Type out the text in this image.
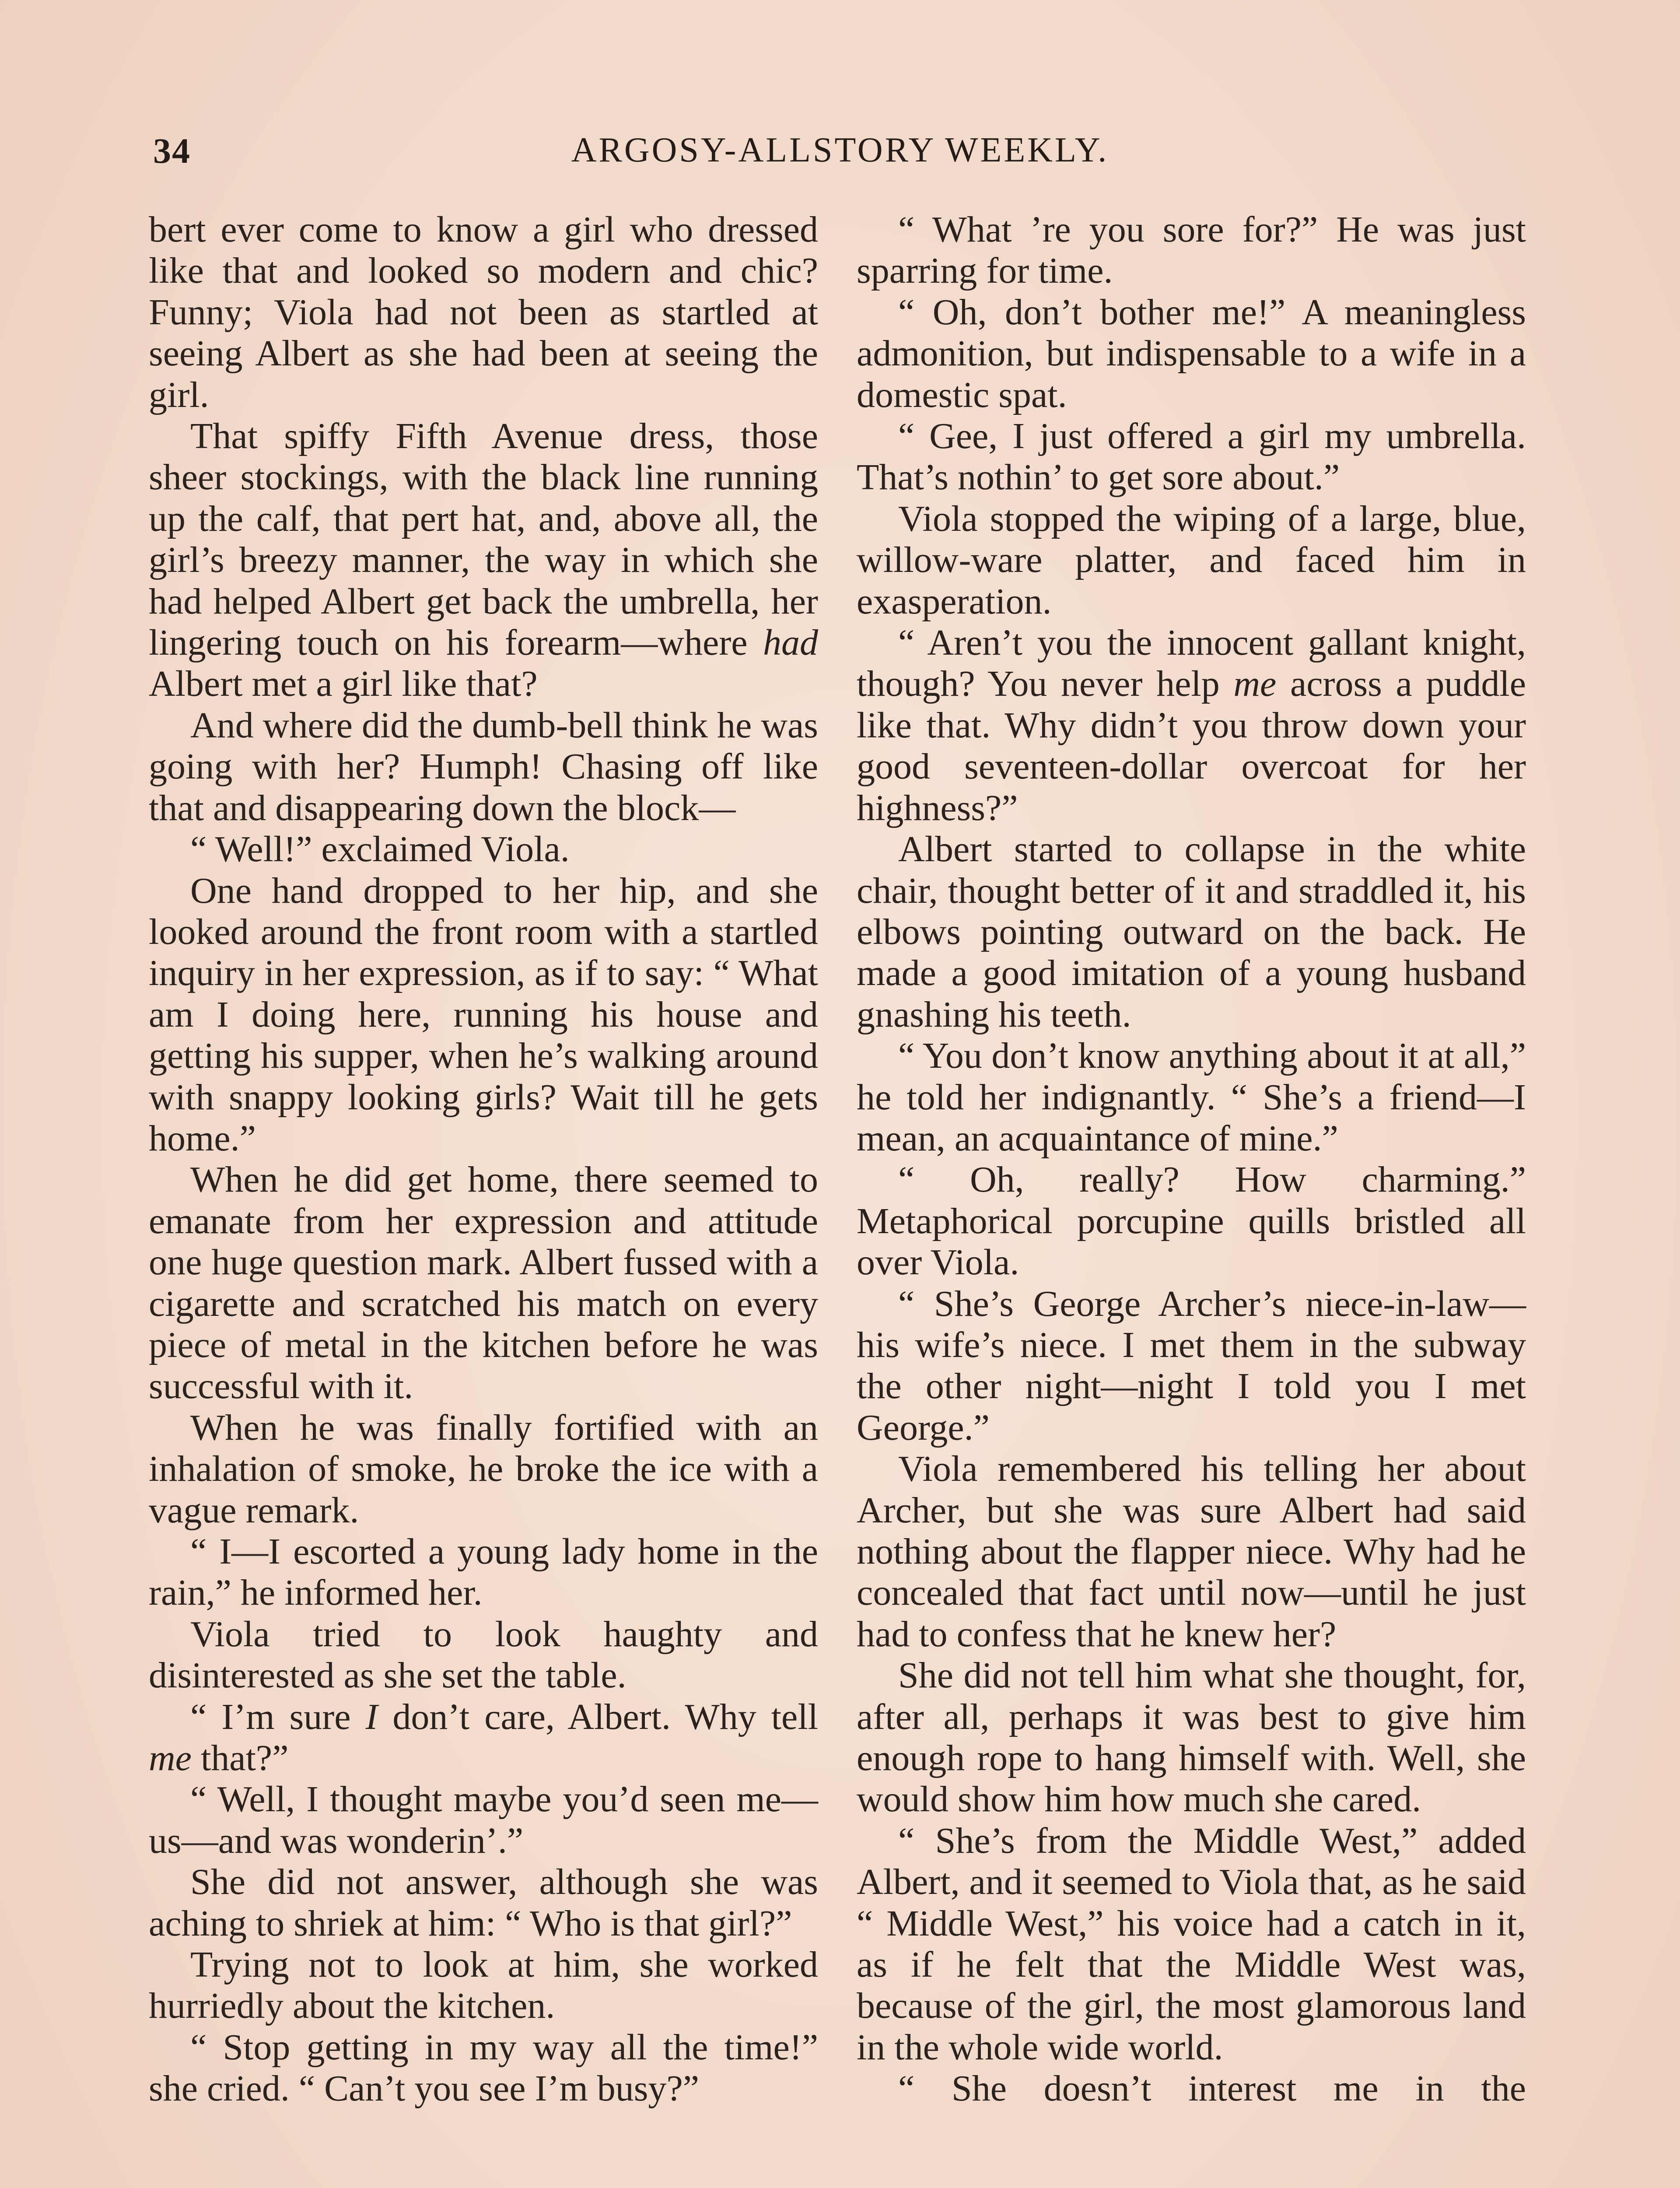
34	ARGOSY-ALLSTORY WEEKLY.

bert ever come to know a girl who dressed like that and looked so modern and chic? Funny; Viola had not been as startled at seeing Albert as she had been at seeing the girl.

That spiffy Fifth Avenue dress, those sheer stockings, with the black line running up the calf, that pert hat, and, above all, the girl’s breezy manner, the way in which she had helped Albert get back the umbrella, her lingering touch on his forearm—where had Albert met a girl like that?

And where did the dumb-bell think he was going with her? Humph! Chasing off like that and disappearing down the block—

“ Well!” exclaimed Viola.

One hand dropped to her hip, and she looked around the front room with a startled inquiry in her expression, as if to say: “ What am I doing here, running his house and getting his supper, when he’s walking around with snappy looking girls? Wait till he gets home.”

When he did get home, there seemed to emanate from her expression and attitude one huge question mark. Albert fussed with a cigarette and scratched his match on every piece of metal in the kitchen before he was successful with it.

When he was finally fortified with an inhalation of smoke, he broke the ice with a vague remark.

“ I—I escorted a young lady home in the rain,” he informed her.

Viola tried to look haughty and disinterested as she set the table.

“ I’m sure I don’t care, Albert. Why tell me that?”

“ Well, I thought maybe you’d seen me—us—and was wonderin’.”

She did not answer, although she was aching to shriek at him: “ Who is that girl?”

Trying not to look at him, she worked hurriedly about the kitchen.

“ Stop getting in my way all the time!” she cried. “ Can’t you see I’m busy?”

“ What ’re you sore for?” He was just sparring for time.

“ Oh, don’t bother me!” A meaningless admonition, but indispensable to a wife in a domestic spat.

“ Gee, I just offered a girl my umbrella. That’s nothin’ to get sore about.”

Viola stopped the wiping of a large, blue, willow-ware platter, and faced him in exasperation.

“ Aren’t you the innocent gallant knight, though? You never help me across a puddle like that. Why didn’t you throw down your good seventeen-dollar overcoat for her highness?”

Albert started to collapse in the white chair, thought better of it and straddled it, his elbows pointing outward on the back. He made a good imitation of a young husband gnashing his teeth.

“ You don’t know anything about it at all,” he told her indignantly. “ She’s a friend—I mean, an acquaintance of mine.”

“ Oh, really? How charming.” Metaphorical porcupine quills bristled all over Viola.

“ She’s George Archer’s niece-in-law—his wife’s niece. I met them in the subway the other night—night I told you I met George.”

Viola remembered his telling her about Archer, but she was sure Albert had said nothing about the flapper niece. Why had he concealed that fact until now—until he just had to confess that he knew her?

She did not tell him what she thought, for, after all, perhaps it was best to give him enough rope to hang himself with. Well, she would show him how much she cared.

“ She’s from the Middle West,” added Albert, and it seemed to Viola that, as he said “ Middle West,” his voice had a catch in it, as if he felt that the Middle West was, because of the girl, the most glamorous land in the whole wide world.

“ She doesn’t interest me in the
